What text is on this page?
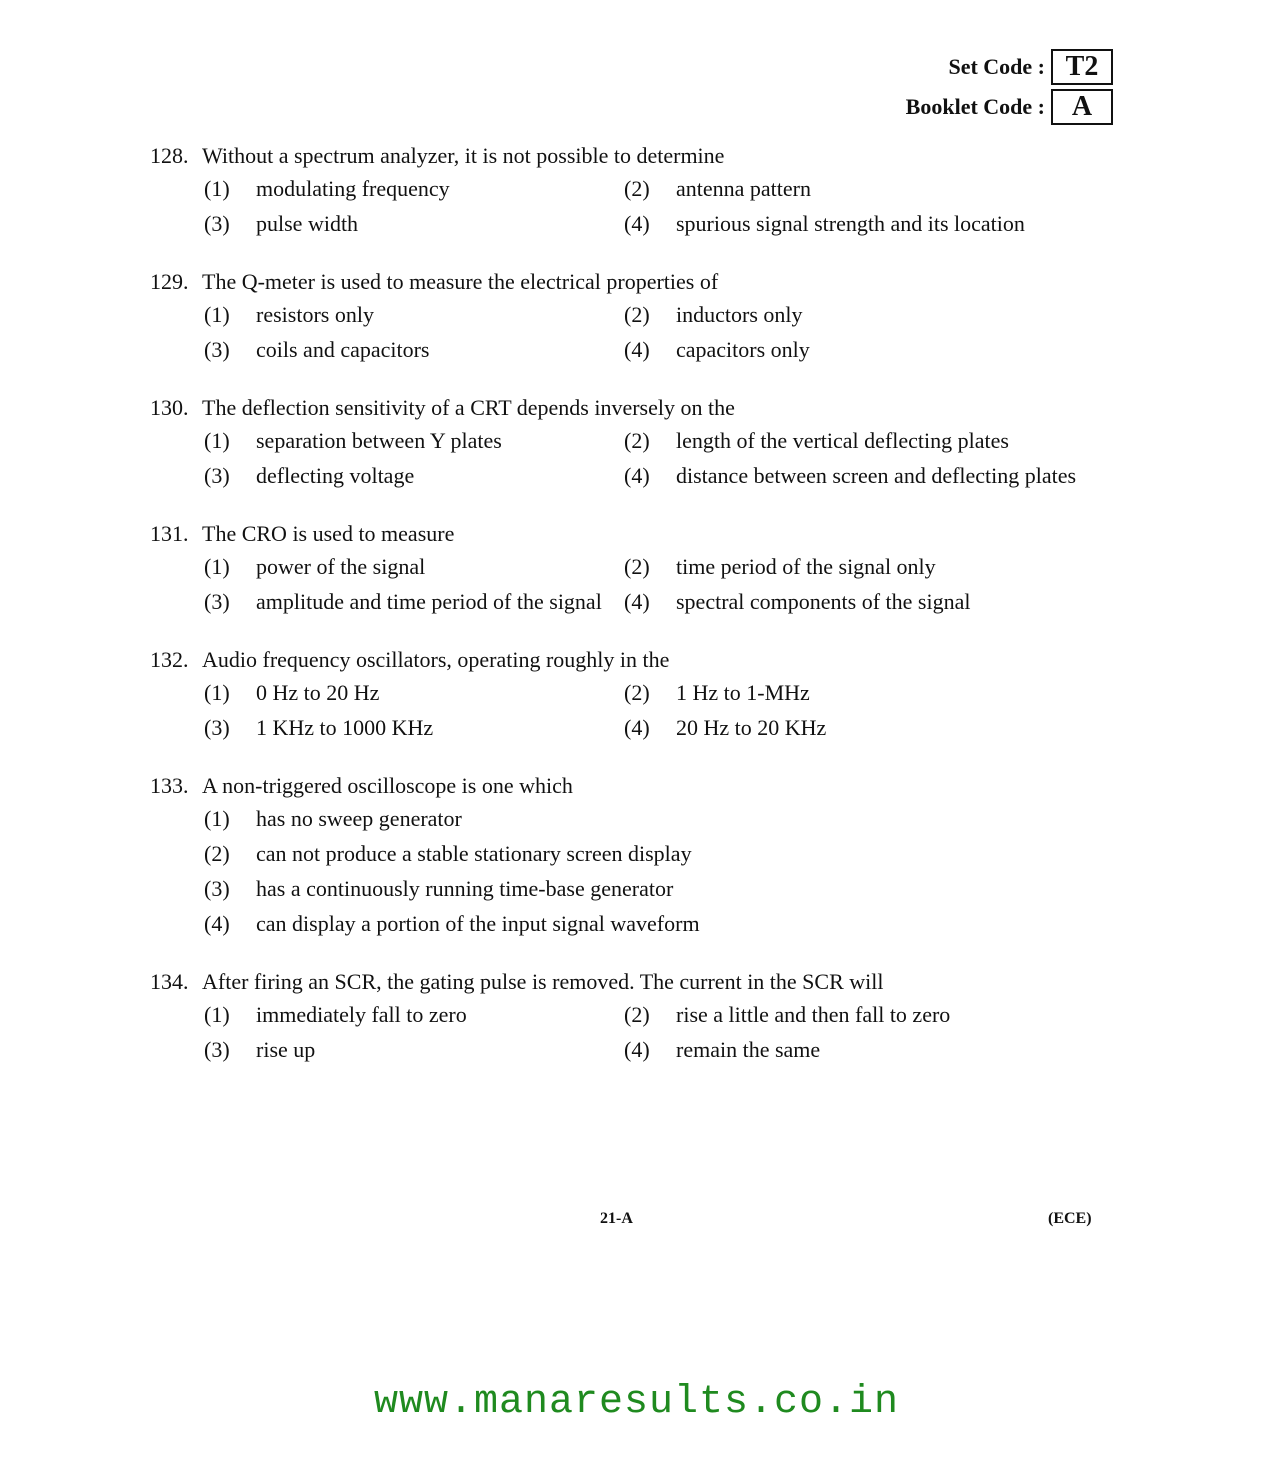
Set Code : T2
Booklet Code : A
128. Without a spectrum analyzer, it is not possible to determine
(1)	modulating frequency	(2)	antenna pattern
(3)	pulse width	(4)	spurious signal strength and its location
129. The Q-meter is used to measure the electrical properties of
(1)	resistors only	(2)	inductors only
(3)	coils and capacitors	(4)	capacitors only
130. The deflection sensitivity of a CRT depends inversely on the
(1)	separation between Y plates	(2)	length of the vertical deflecting plates
(3)	deflecting voltage	(4)	distance between screen and deflecting plates
131. The CRO is used to measure
(1)	power of the signal	(2)	time period of the signal only
(3)	amplitude and time period of the signal (4)	spectral components of the signal
132. Audio frequency oscillators, operating roughly in the
(1)	0 Hz to 20 Hz	(2)	1 Hz to 1-MHz
(3)	1 KHz to 1000 KHz	(4)	20 Hz to 20 KHz
133. A non-triggered oscilloscope is one which
(1)	has no sweep generator
(2)	can not produce a stable stationary screen display
(3)	has a continuously running time-base generator
(4)	can display a portion of the input signal waveform
134. After firing an SCR, the gating pulse is removed. The current in the SCR will
(1)	immediately fall to zero	(2)	rise a little and then fall to zero
(3)	rise up	(4)	remain the same
21-A	(ECE)
www.manaresults.co.in
